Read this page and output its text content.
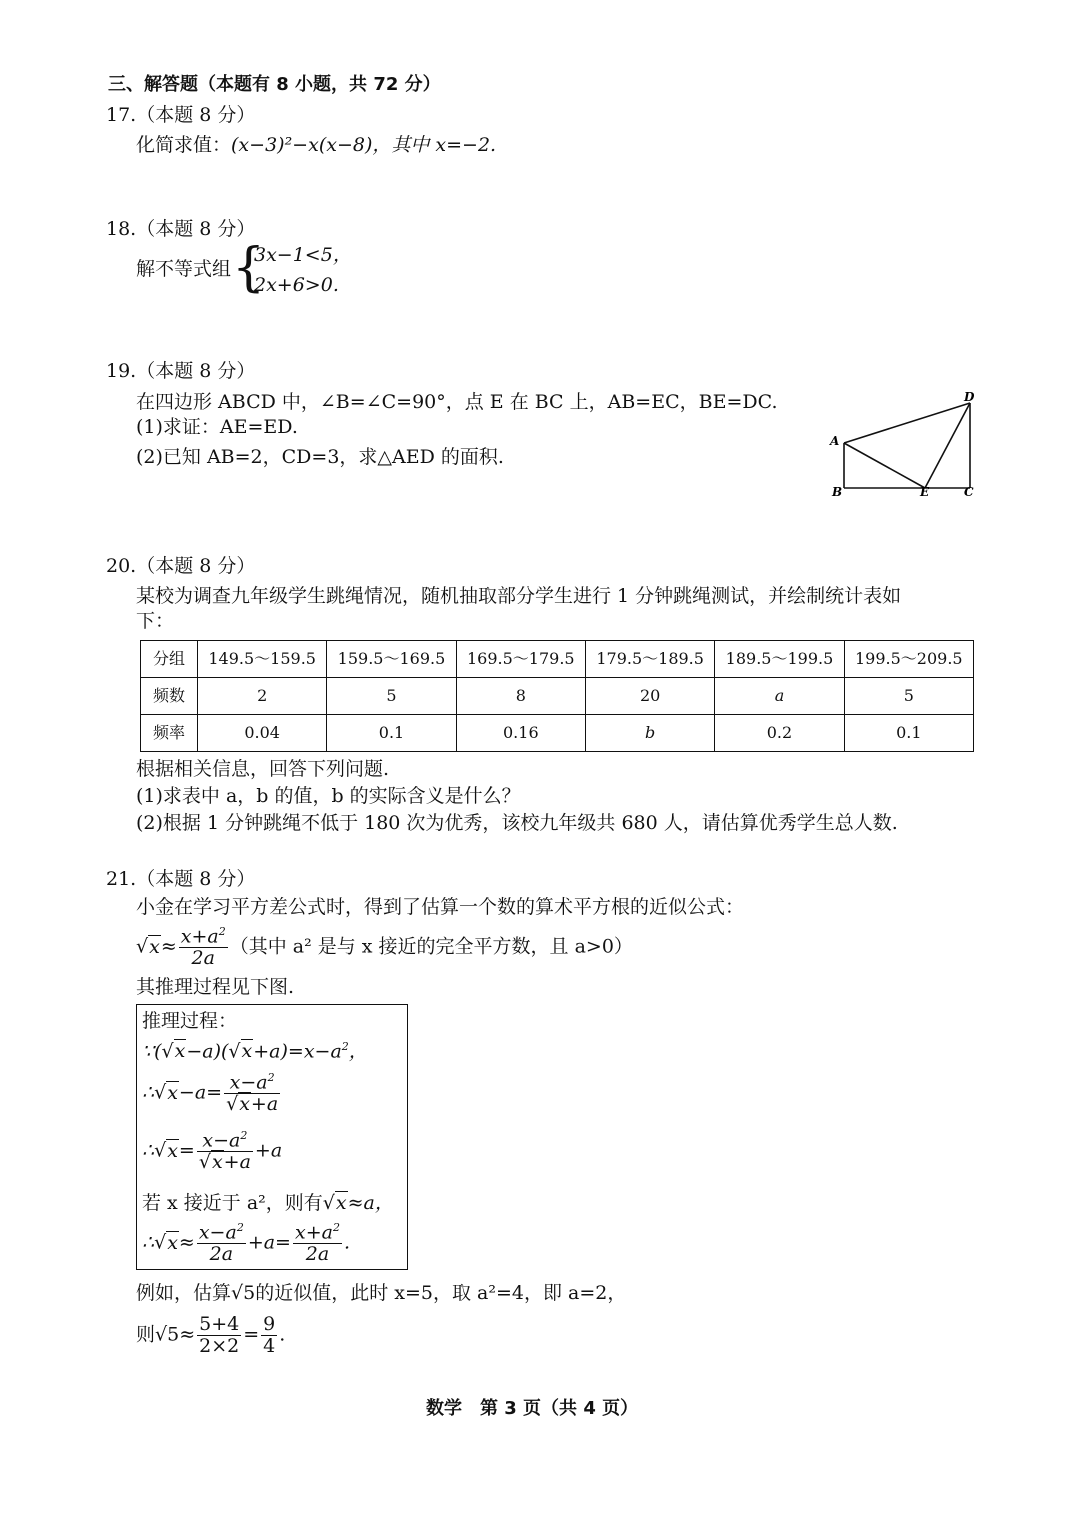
三、解答题（本题有 8 小题，共 72 分）
17.（本题 8 分）
化简求值：(x−3)²−x(x−8)，其中 x=−2.
18.（本题 8 分）
解不等式组 {
3x−1<5，
2x+6>0.
19.（本题 8 分）
在四边形 ABCD 中，∠B=∠C=90°，点 E 在 BC 上，AB=EC，BE=DC.
(1)求证：AE=ED.
(2)已知 AB=2，CD=3，求△AED 的面积.
A
B	C
D
E
20.（本题 8 分）
某校为调查九年级学生跳绳情况，随机抽取部分学生进行 1 分钟跳绳测试，并绘制统计表如
下：
分组	149.5～159.5	159.5～169.5	169.5～179.5	179.5～189.5	189.5～199.5	199.5～209.5
频数	2	5	8	20	a	5
频率	0.04	0.1	0.16	b	0.2	0.1
根据相关信息，回答下列问题.
(1)求表中 a，b 的值，b 的实际含义是什么？
(2)根据 1 分钟跳绳不低于 180 次为优秀，该校九年级共 680 人，请估算优秀学生总人数.
21.（本题 8 分）
小金在学习平方差公式时，得到了估算一个数的算术平方根的近似公式：
$√x\approx \frac{x+a^2}{2a}$ （其中 a² 是与 x 接近的完全平方数，且 a>0）
其推理过程见下图.
推理过程：
$\because(√x-a)(√x+a)=x-a^2$，
∴√x−a= $\frac{x-a^2}{√x+a}$
∴√x= $\frac{x-a^2}{√x+a} +a$
若 x 接近于 a²，则有√x≈a，
∴√x≈ $\frac{x-a^2}{2a} +a= \frac{x+a^2}{2a}$ .
例如，估算√5的近似值，此时 x=5，取 a²=4，即 a=2，
则$√5\approx \frac{5+4}{2\times 2} = \frac{9}{4}$ .
数学　第 3 页（共 4 页）
